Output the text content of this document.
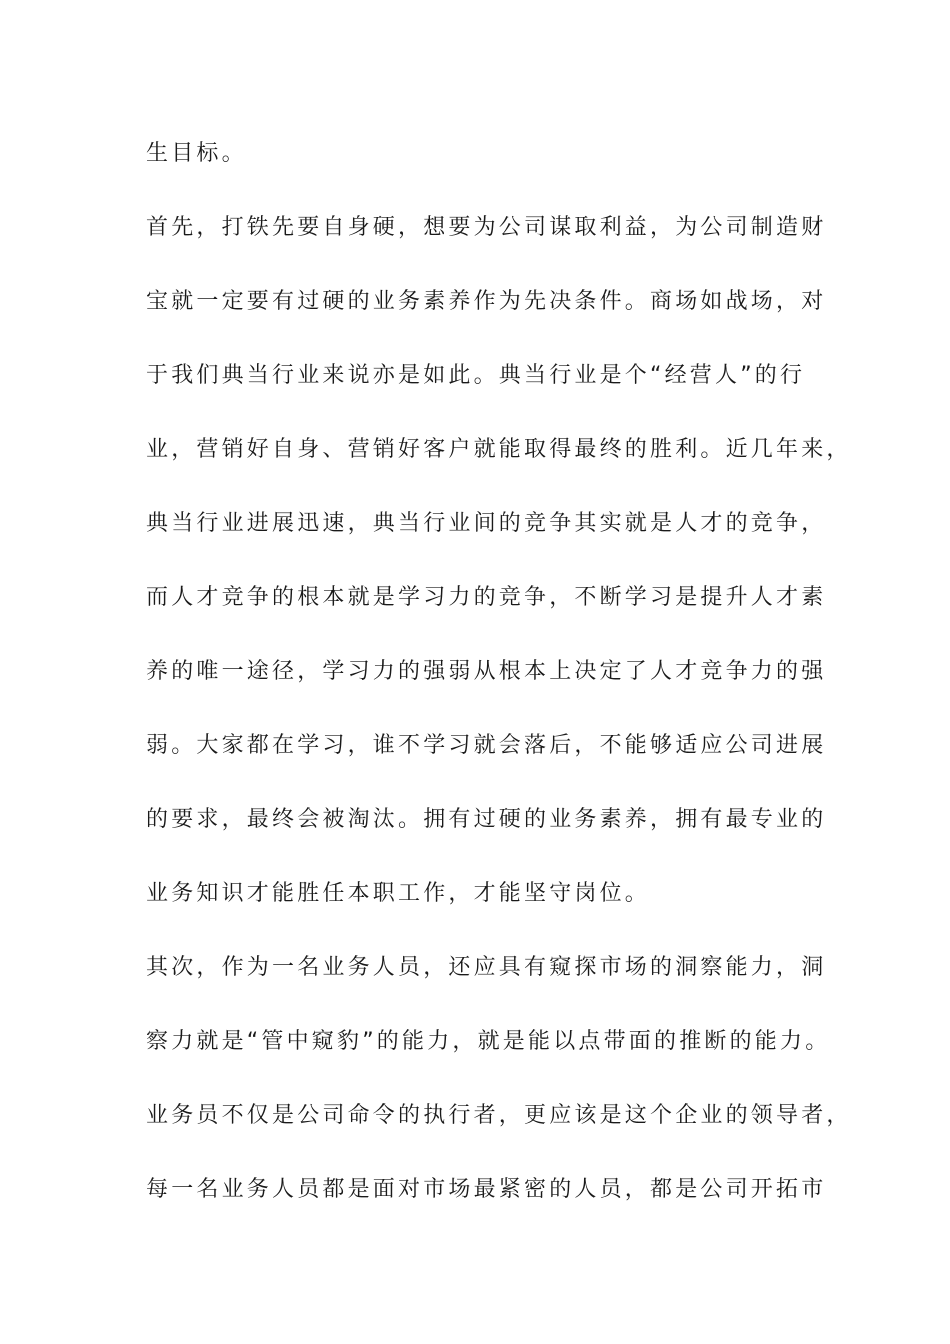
生目标。
首先，打铁先要自身硬，想要为公司谋取利益，为公司制造财
宝就一定要有过硬的业务素养作为先决条件。商场如战场，对
于我们典当行业来说亦是如此。典当行业是个“经营人”的行
业，营销好自身、营销好客户就能取得最终的胜利。近几年来，
典当行业进展迅速，典当行业间的竞争其实就是人才的竞争，
而人才竞争的根本就是学习力的竞争，不断学习是提升人才素
养的唯一途径，学习力的强弱从根本上决定了人才竞争力的强
弱。大家都在学习，谁不学习就会落后，不能够适应公司进展
的要求，最终会被淘汰。拥有过硬的业务素养，拥有最专业的
业务知识才能胜任本职工作，才能坚守岗位。
其次，作为一名业务人员，还应具有窥探市场的洞察能力，洞
察力就是“管中窥豹”的能力，就是能以点带面的推断的能力。
业务员不仅是公司命令的执行者，更应该是这个企业的领导者，
每一名业务人员都是面对市场最紧密的人员，都是公司开拓市
